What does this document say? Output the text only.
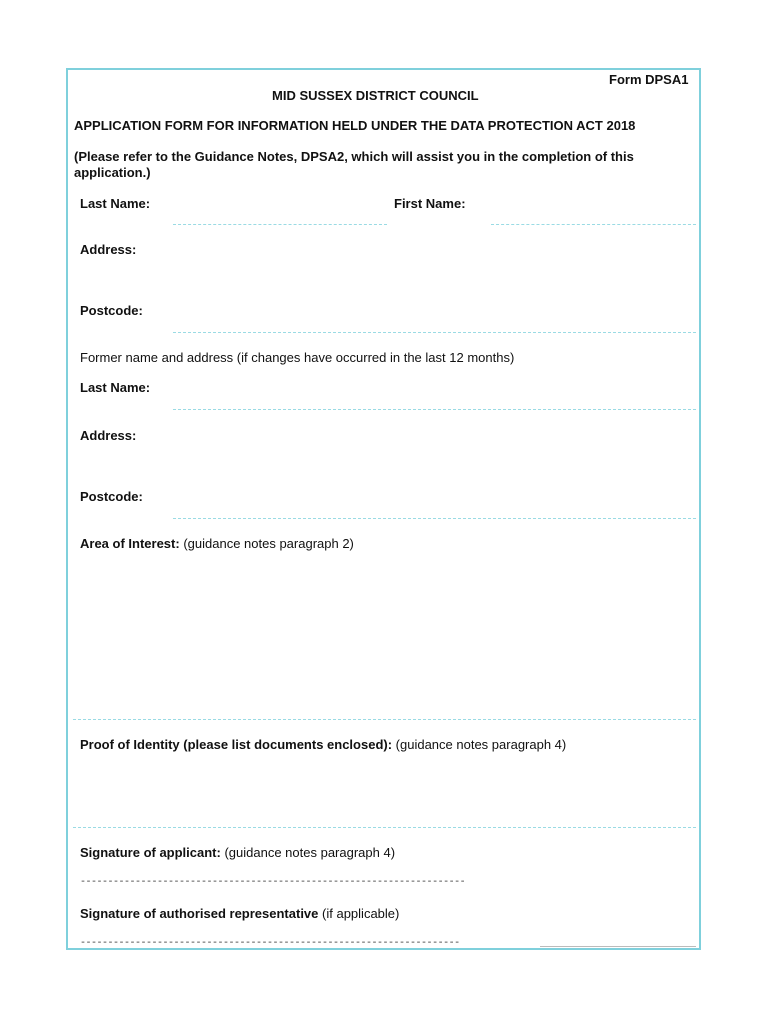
Form DPSA1
MID SUSSEX DISTRICT COUNCIL
APPLICATION FORM FOR INFORMATION HELD UNDER THE DATA PROTECTION ACT 2018
(Please refer to the Guidance Notes, DPSA2, which will assist you in the completion of this
application.)
Last Name:	First Name:
Address:
Postcode:
Former name and address (if changes have occurred in the last 12 months)
Last Name:
Address:
Postcode:
Area of Interest: (guidance notes paragraph 2)
Proof of Identity (please list documents enclosed): (guidance notes paragraph 4)
Signature of applicant: (guidance notes paragraph 4)
----------------------------------------------------------------------
Signature of authorised representative (if applicable)
---------------------------------------------------------------------
